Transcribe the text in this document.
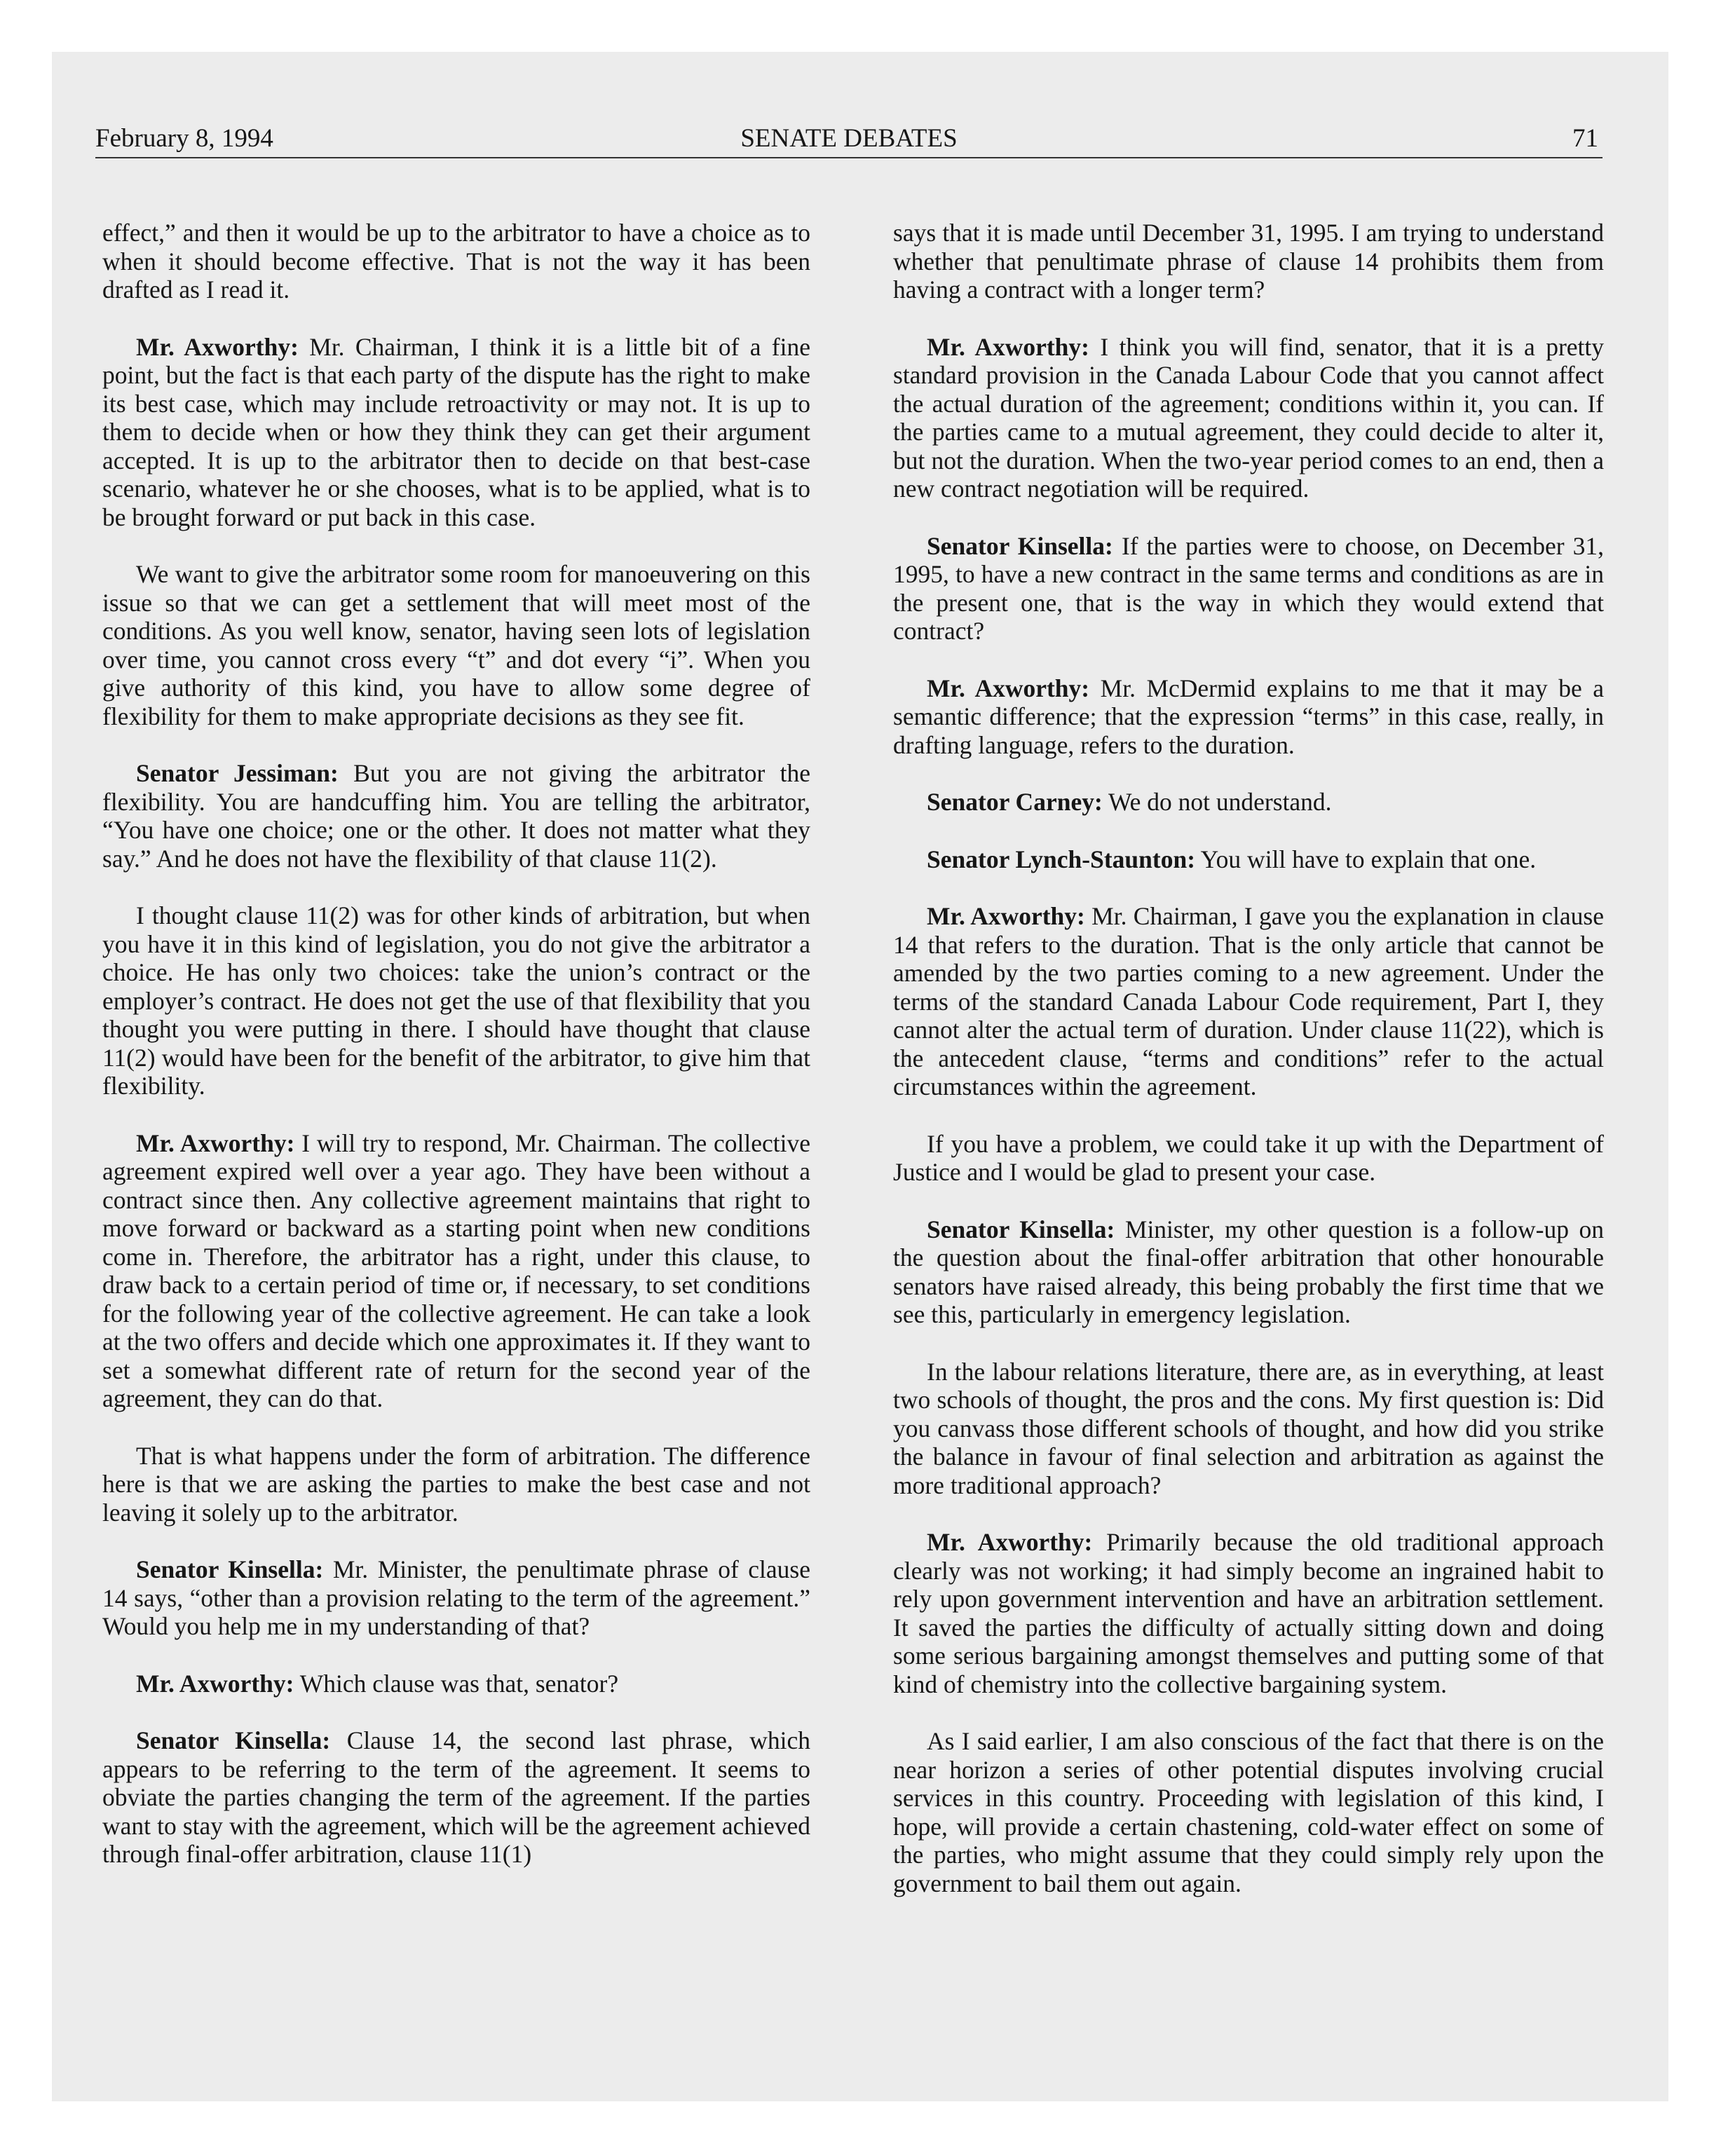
February 8, 1994	SENATE DEBATES	71

effect,” and then it would be up to the arbitrator to have a choice as to when it should become effective. That is not the way it has been drafted as I read it.

Mr. Axworthy: Mr. Chairman, I think it is a little bit of a fine point, but the fact is that each party of the dispute has the right to make its best case, which may include retroactivity or may not. It is up to them to decide when or how they think they can get their argument accepted. It is up to the arbitrator then to decide on that best-case scenario, whatever he or she chooses, what is to be applied, what is to be brought forward or put back in this case.

We want to give the arbitrator some room for manoeuvering on this issue so that we can get a settlement that will meet most of the conditions. As you well know, senator, having seen lots of legislation over time, you cannot cross every “t” and dot every “i”. When you give authority of this kind, you have to allow some degree of flexibility for them to make appropriate decisions as they see fit.

Senator Jessiman: But you are not giving the arbitrator the flexibility. You are handcuffing him. You are telling the arbitrator, “You have one choice; one or the other. It does not matter what they say.” And he does not have the flexibility of that clause 11(2).

I thought clause 11(2) was for other kinds of arbitration, but when you have it in this kind of legislation, you do not give the arbitrator a choice. He has only two choices: take the union’s contract or the employer’s contract. He does not get the use of that flexibility that you thought you were putting in there. I should have thought that clause 11(2) would have been for the benefit of the arbitrator, to give him that flexibility.

Mr. Axworthy: I will try to respond, Mr. Chairman. The collective agreement expired well over a year ago. They have been without a contract since then. Any collective agreement maintains that right to move forward or backward as a starting point when new conditions come in. Therefore, the arbitrator has a right, under this clause, to draw back to a certain period of time or, if necessary, to set conditions for the following year of the collective agreement. He can take a look at the two offers and decide which one approximates it. If they want to set a somewhat different rate of return for the second year of the agreement, they can do that.

That is what happens under the form of arbitration. The difference here is that we are asking the parties to make the best case and not leaving it solely up to the arbitrator.

Senator Kinsella: Mr. Minister, the penultimate phrase of clause 14 says, “other than a provision relating to the term of the agreement.” Would you help me in my understanding of that?

Mr. Axworthy: Which clause was that, senator?

Senator Kinsella: Clause 14, the second last phrase, which appears to be referring to the term of the agreement. It seems to obviate the parties changing the term of the agreement. If the parties want to stay with the agreement, which will be the agreement achieved through final-offer arbitration, clause 11(1)

says that it is made until December 31, 1995. I am trying to understand whether that penultimate phrase of clause 14 prohibits them from having a contract with a longer term?

Mr. Axworthy: I think you will find, senator, that it is a pretty standard provision in the Canada Labour Code that you cannot affect the actual duration of the agreement; conditions within it, you can. If the parties came to a mutual agreement, they could decide to alter it, but not the duration. When the two-year period comes to an end, then a new contract negotiation will be required.

Senator Kinsella: If the parties were to choose, on December 31, 1995, to have a new contract in the same terms and conditions as are in the present one, that is the way in which they would extend that contract?

Mr. Axworthy: Mr. McDermid explains to me that it may be a semantic difference; that the expression “terms” in this case, really, in drafting language, refers to the duration.

Senator Carney: We do not understand.

Senator Lynch-Staunton: You will have to explain that one.

Mr. Axworthy: Mr. Chairman, I gave you the explanation in clause 14 that refers to the duration. That is the only article that cannot be amended by the two parties coming to a new agreement. Under the terms of the standard Canada Labour Code requirement, Part I, they cannot alter the actual term of duration. Under clause 11(22), which is the antecedent clause, “terms and conditions” refer to the actual circumstances within the agreement.

If you have a problem, we could take it up with the Department of Justice and I would be glad to present your case.

Senator Kinsella: Minister, my other question is a follow-up on the question about the final-offer arbitration that other honourable senators have raised already, this being probably the first time that we see this, particularly in emergency legislation.

In the labour relations literature, there are, as in everything, at least two schools of thought, the pros and the cons. My first question is: Did you canvass those different schools of thought, and how did you strike the balance in favour of final selection and arbitration as against the more traditional approach?

Mr. Axworthy: Primarily because the old traditional approach clearly was not working; it had simply become an ingrained habit to rely upon government intervention and have an arbitration settlement. It saved the parties the difficulty of actually sitting down and doing some serious bargaining amongst themselves and putting some of that kind of chemistry into the collective bargaining system.

As I said earlier, I am also conscious of the fact that there is on the near horizon a series of other potential disputes involving crucial services in this country. Proceeding with legislation of this kind, I hope, will provide a certain chastening, cold-water effect on some of the parties, who might assume that they could simply rely upon the government to bail them out again.
